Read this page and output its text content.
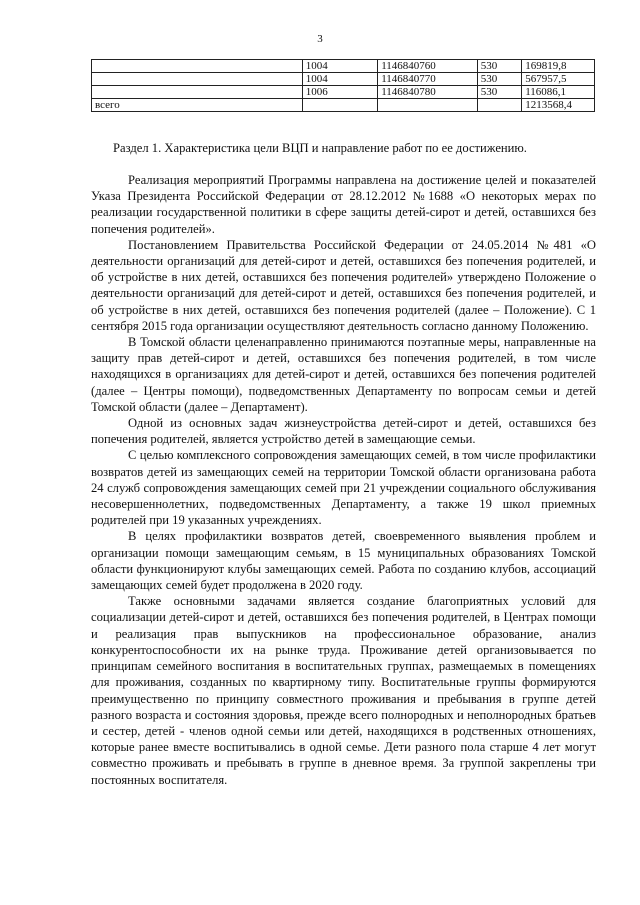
3
	1004	1146840760	530	169819,8
	1004	1146840770	530	567957,5
	1006	1146840780	530	116086,1
всего				1213568,4
Раздел 1. Характеристика цели ВЦП и направление работ по ее достижению.

Реализация мероприятий Программы направлена на достижение целей и показателей Указа Президента Российской Федерации от 28.12.2012 №1688 «О некоторых мерах по реализации государственной политики в сфере защиты детей-сирот и детей, оставшихся без попечения родителей».

Постановлением Правительства Российской Федерации от 24.05.2014 №481 «О деятельности организаций для детей-сирот и детей, оставшихся без попечения родителей, и об устройстве в них детей, оставшихся без попечения родителей» утверждено Положение о деятельности организаций для детей-сирот и детей, оставшихся без попечения родителей, и об устройстве в них детей, оставшихся без попечения родителей (далее – Положение). С 1 сентября 2015 года организации осуществляют деятельность согласно данному Положению.

В Томской области целенаправленно принимаются поэтапные меры, направленные на защиту прав детей-сирот и детей, оставшихся без попечения родителей, в том числе находящихся в организациях для детей-сирот и детей, оставшихся без попечения родителей (далее – Центры помощи), подведомственных Департаменту по вопросам семьи и детей Томской области (далее – Департамент).

Одной из основных задач жизнеустройства детей-сирот и детей, оставшихся без попечения родителей, является устройство детей в замещающие семьи.

С целью комплексного сопровождения замещающих семей, в том числе профилактики возвратов детей из замещающих семей на территории Томской области организована работа 24 служб сопровождения замещающих семей при 21 учреждении социального обслуживания несовершеннолетних, подведомственных Департаменту, а также 19 школ приемных родителей при 19 указанных учреждениях.

В целях профилактики возвратов детей, своевременного выявления проблем и организации помощи замещающим семьям, в 15 муниципальных образованиях Томской области функционируют клубы замещающих семей. Работа по созданию клубов, ассоциаций замещающих семей будет продолжена в 2020 году.

Также основными задачами является создание благоприятных условий для социализации детей-сирот и детей, оставшихся без попечения родителей, в Центрах помощи и реализация прав выпускников на профессиональное образование, анализ конкурентоспособности их на рынке труда. Проживание детей организовывается по принципам семейного воспитания в воспитательных группах, размещаемых в помещениях для проживания, созданных по квартирному типу. Воспитательные группы формируются преимущественно по принципу совместного проживания и пребывания в группе детей разного возраста и состояния здоровья, прежде всего полнородных и неполнородных братьев и сестер, детей - членов одной семьи или детей, находящихся в родственных отношениях, которые ранее вместе воспитывались в одной семье. Дети разного пола старше 4 лет могут совместно проживать и пребывать в группе в дневное время. За группой закреплены три постоянных воспитателя.
